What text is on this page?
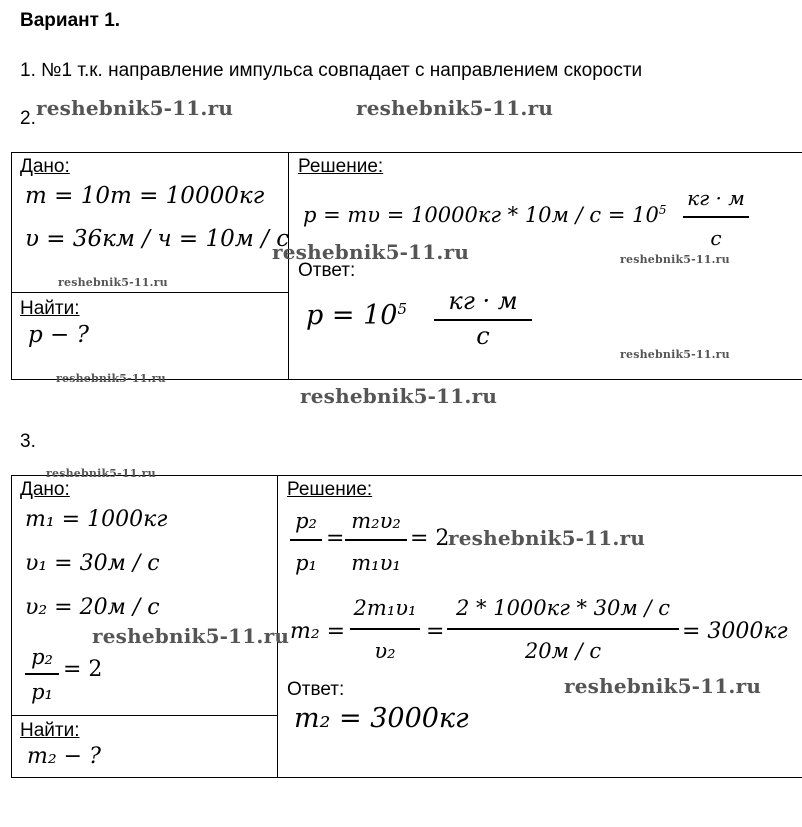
Вариант 1.
1. №1 т.к. направление импульса совпадает с направлением скорости
2. reshebnik5-11.ru	reshebnik5-11.ru
Дано:
m = 10т = 10000кг
υ = 36км / ч = 10м / с
reshebnik5-11.ru
Найти:
p − ?
reshebnik5-11.ru
Решение:
$p = m\upsilon = 10000кг * 10м / с = 10^5$ кг · м
с
reshebnik5-11.ru	reshebnik5-11.ru
Ответ:
$p = 10^5$	кг · м
с
reshebnik5-11.ru
reshebnik5-11.ru
3.
reshebnik5-11.ru
Дано:
m₁ = 1000кг
υ₁ = 30м / с
υ₂ = 20м / с
reshebnik5-11.ru
p₂
p₁
= 2
Найти:
m₂ − ?
Решение:
p₂
p₁
=
m₂υ₂
m₁υ₁
= 2
reshebnik5-11.ru
m₂ =
2m₁υ₁
υ₂
=
2 * 1000кг * 30м / с
20м / с
= 3000кг
Ответ:	reshebnik5-11.ru
m₂ = 3000кг
